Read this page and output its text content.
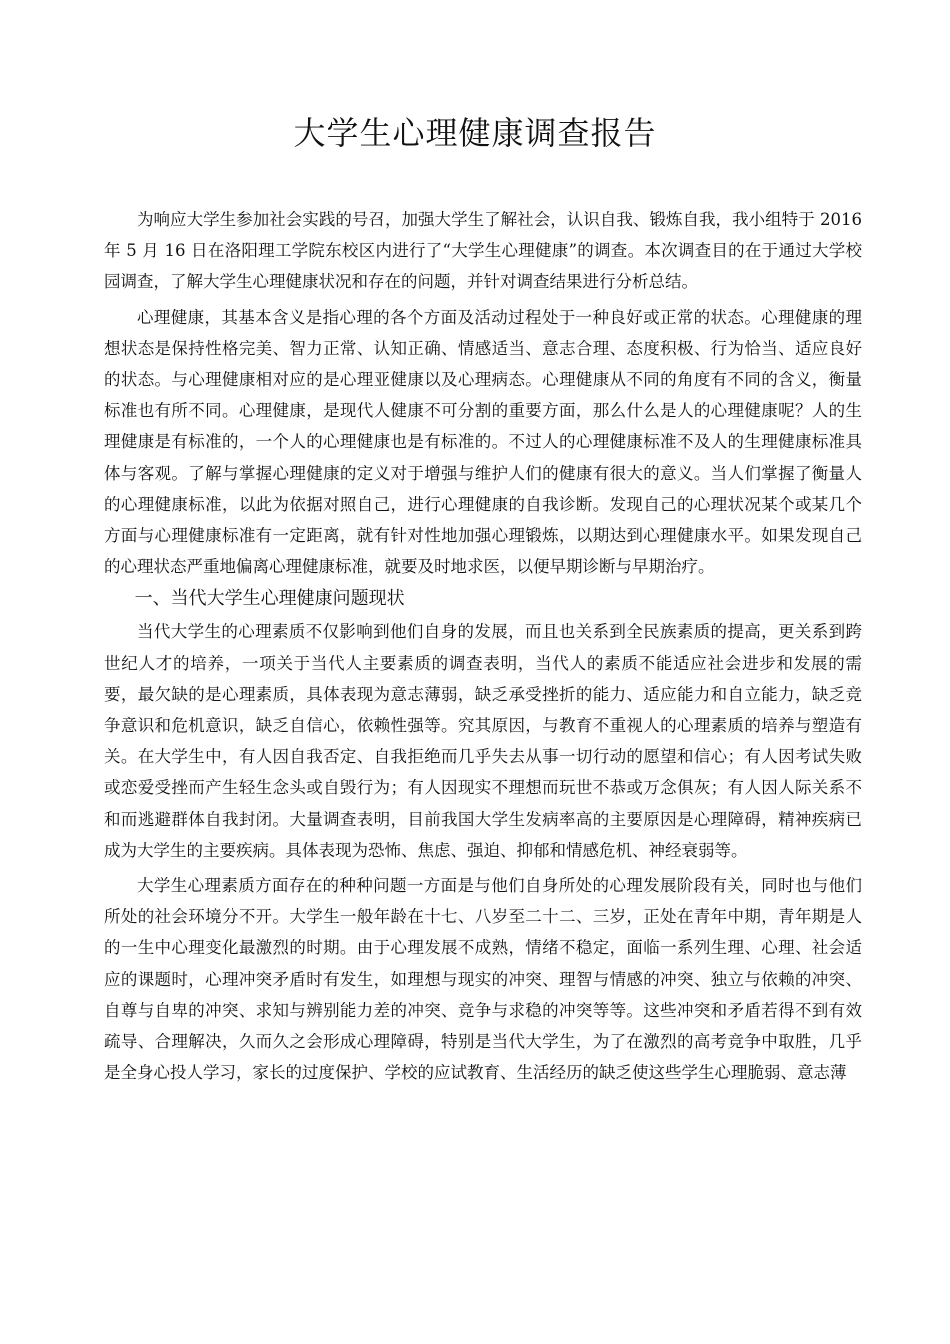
大学生心理健康调查报告

为响应大学生参加社会实践的号召，加强大学生了解社会，认识自我、锻炼自我，我小组特于 2016 年 5 月 16 日在洛阳理工学院东校区内进行了“大学生心理健康”的调查。本次调查目的在于通过大学校园调查，了解大学生心理健康状况和存在的问题，并针对调查结果进行分析总结。

心理健康，其基本含义是指心理的各个方面及活动过程处于一种良好或正常的状态。心理健康的理想状态是保持性格完美、智力正常、认知正确、情感适当、意志合理、态度积极、行为恰当、适应良好的状态。与心理健康相对应的是心理亚健康以及心理病态。心理健康从不同的角度有不同的含义，衡量标准也有所不同。心理健康，是现代人健康不可分割的重要方面，那么什么是人的心理健康呢？人的生理健康是有标准的，一个人的心理健康也是有标准的。不过人的心理健康标准不及人的生理健康标准具体与客观。了解与掌握心理健康的定义对于增强与维护人们的健康有很大的意义。当人们掌握了衡量人的心理健康标准，以此为依据对照自己，进行心理健康的自我诊断。发现自己的心理状况某个或某几个方面与心理健康标准有一定距离，就有针对性地加强心理锻炼，以期达到心理健康水平。如果发现自己的心理状态严重地偏离心理健康标准，就要及时地求医，以便早期诊断与早期治疗。

一、当代大学生心理健康问题现状

当代大学生的心理素质不仅影响到他们自身的发展，而且也关系到全民族素质的提高，更关系到跨世纪人才的培养，一项关于当代人主要素质的调查表明，当代人的素质不能适应社会进步和发展的需要，最欠缺的是心理素质，具体表现为意志薄弱，缺乏承受挫折的能力、适应能力和自立能力，缺乏竞争意识和危机意识，缺乏自信心，依赖性强等。究其原因，与教育不重视人的心理素质的培养与塑造有关。在大学生中，有人因自我否定、自我拒绝而几乎失去从事一切行动的愿望和信心；有人因考试失败或恋爱受挫而产生轻生念头或自毁行为；有人因现实不理想而玩世不恭或万念俱灰；有人因人际关系不和而逃避群体自我封闭。大量调查表明，目前我国大学生发病率高的主要原因是心理障碍，精神疾病已成为大学生的主要疾病。具体表现为恐怖、焦虑、强迫、抑郁和情感危机、神经衰弱等。

大学生心理素质方面存在的种种问题一方面是与他们自身所处的心理发展阶段有关，同时也与他们所处的社会环境分不开。大学生一般年龄在十七、八岁至二十二、三岁，正处在青年中期，青年期是人的一生中心理变化最激烈的时期。由于心理发展不成熟，情绪不稳定，面临一系列生理、心理、社会适应的课题时，心理冲突矛盾时有发生，如理想与现实的冲突、理智与情感的冲突、独立与依赖的冲突、自尊与自卑的冲突、求知与辨别能力差的冲突、竞争与求稳的冲突等等。这些冲突和矛盾若得不到有效疏导、合理解决，久而久之会形成心理障碍，特别是当代大学生，为了在激烈的高考竞争中取胜，几乎是全身心投人学习，家长的过度保护、学校的应试教育、生活经历的缺乏使这些学生心理脆弱、意志薄
